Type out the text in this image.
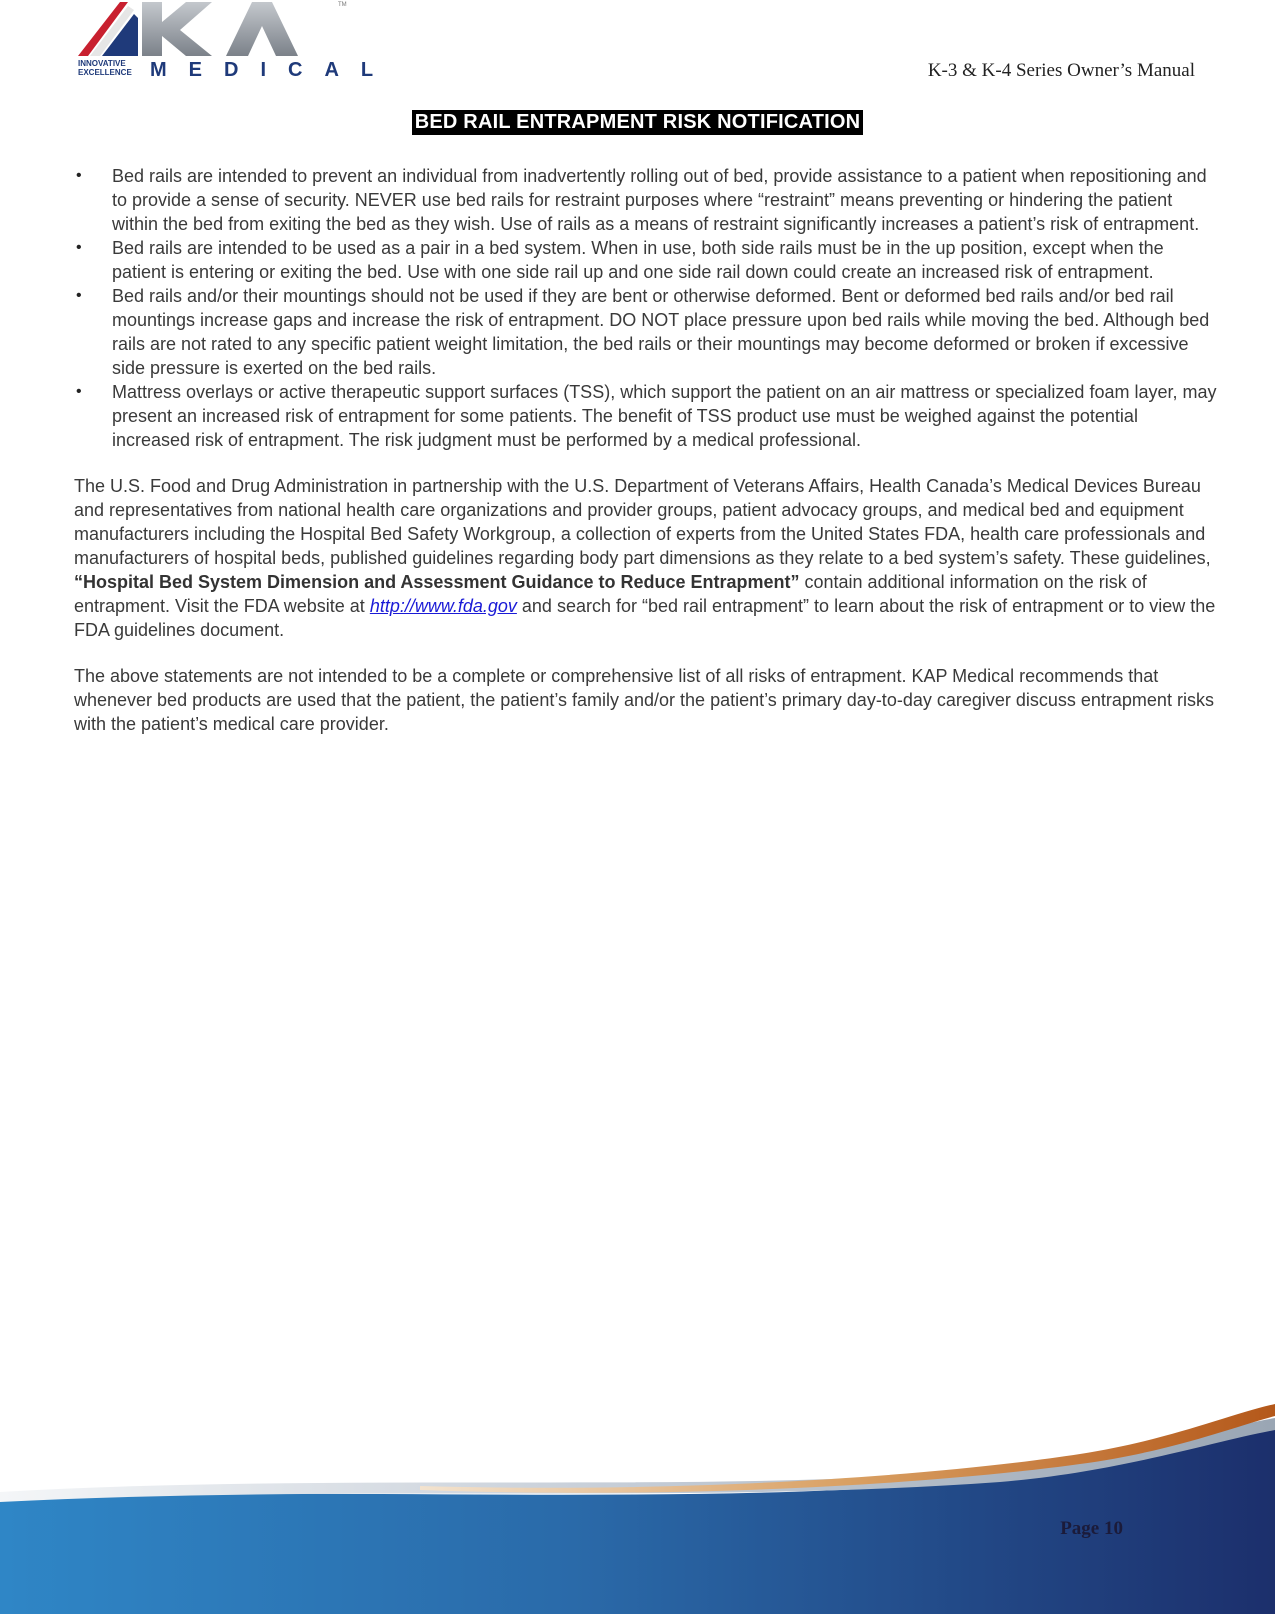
TM
INNOVATIVE
EXCELLENCE MEDICAL	K-3 & K-4 Series Owner’s Manual
BED RAIL ENTRAPMENT RISK NOTIFICATION
• Bed rails are intended to prevent an individual from inadvertently rolling out of bed, provide assistance to a patient when repositioning and to provide a sense of security. NEVER use bed rails for restraint purposes where “restraint” means preventing or hindering the patient within the bed from exiting the bed as they wish. Use of rails as a means of restraint significantly increases a patient’s risk of entrapment.
• Bed rails are intended to be used as a pair in a bed system. When in use, both side rails must be in the up position, except when the patient is entering or exiting the bed. Use with one side rail up and one side rail down could create an increased risk of entrapment.
• Bed rails and/or their mountings should not be used if they are bent or otherwise deformed. Bent or deformed bed rails and/or bed rail mountings increase gaps and increase the risk of entrapment. DO NOT place pressure upon bed rails while moving the bed. Although bed rails are not rated to any specific patient weight limitation, the bed rails or their mountings may become deformed or broken if excessive side pressure is exerted on the bed rails.
• Mattress overlays or active therapeutic support surfaces (TSS), which support the patient on an air mattress or specialized foam layer, may present an increased risk of entrapment for some patients. The benefit of TSS product use must be weighed against the potential increased risk of entrapment. The risk judgment must be performed by a medical professional.

The U.S. Food and Drug Administration in partnership with the U.S. Department of Veterans Affairs, Health Canada’s Medical Devices Bureau and representatives from national health care organizations and provider groups, patient advocacy groups, and medical bed and equipment manufacturers including the Hospital Bed Safety Workgroup, a collection of experts from the United States FDA, health care professionals and manufacturers of hospital beds, published guidelines regarding body part dimensions as they relate to a bed system’s safety. These guidelines, “Hospital Bed System Dimension and Assessment Guidance to Reduce Entrapment” contain additional information on the risk of entrapment. Visit the FDA website at http://www.fda.gov and search for “bed rail entrapment” to learn about the risk of entrapment or to view the FDA guidelines document.

The above statements are not intended to be a complete or comprehensive list of all risks of entrapment. KAP Medical recommends that whenever bed products are used that the patient, the patient’s family and/or the patient’s primary day-to-day caregiver discuss entrapment risks with the patient’s medical care provider.

Page 10
